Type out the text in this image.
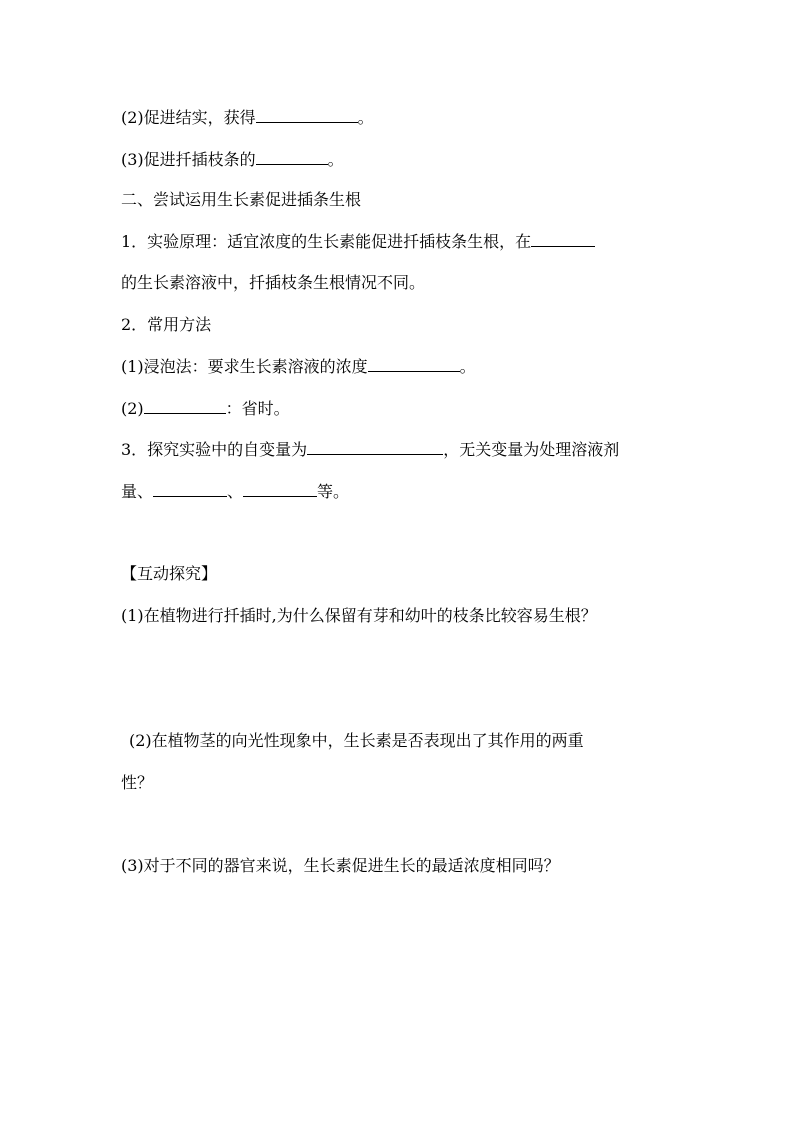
(2)促进结实，获得	。
(3)促进扦插枝条的	。
二、尝试运用生长素促进插条生根
1．实验原理：适宜浓度的生长素能促进扦插枝条生根，在
的生长素溶液中，扦插枝条生根情况不同。
2．常用方法
(1)浸泡法：要求生长素溶液的浓度	。
(2)	：省时。
3．探究实验中的自变量为	，无关变量为处理溶液剂
量、	、	等。
【互动探究】
(1)在植物进行扦插时,为什么保留有芽和幼叶的枝条比较容易生根？
(2)在植物茎的向光性现象中，生长素是否表现出了其作用的两重
性？
(3)对于不同的器官来说，生长素促进生长的最适浓度相同吗？
